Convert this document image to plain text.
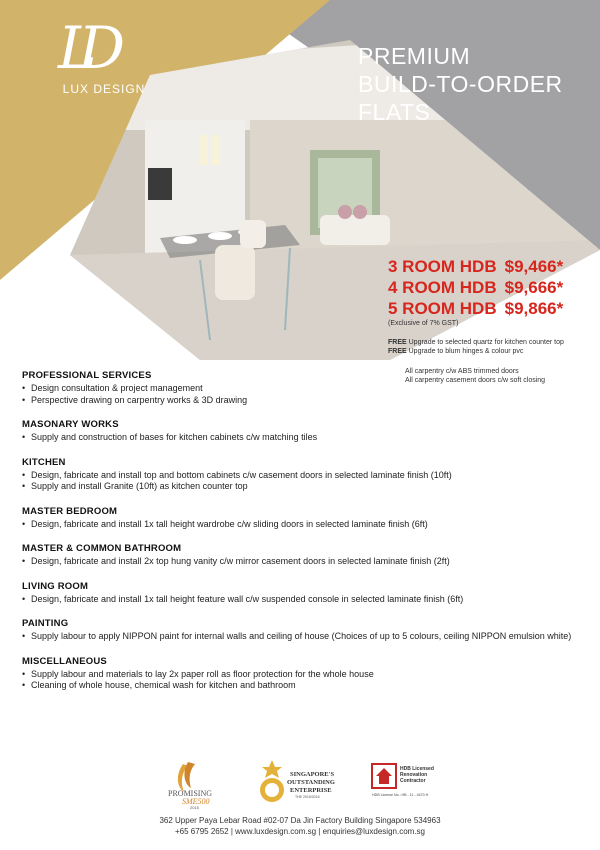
LD
LUX DESIGN
PREMIUM
BUILD-TO-ORDER
FLATS
3 ROOM HDB $9,466*
4 ROOM HDB $9,666*
5 ROOM HDB $9,866*
(Exclusive of 7% GST)
FREE Upgrade to selected quartz for kitchen counter top
FREE Upgrade to blum hinges & colour pvc
All carpentry c/w ABS trimmed doors
All carpentry casement doors c/w soft closing
PROFESSIONAL SERVICES
• Design consultation & project management
• Perspective drawing on carpentry works & 3D drawing
MASONARY WORKS
• Supply and construction of bases for kitchen cabinets c/w matching tiles
KITCHEN
• Design, fabricate and install top and bottom cabinets c/w casement doors in selected laminate finish (10ft)
• Supply and install Granite (10ft) as kitchen counter top
MASTER BEDROOM
• Design, fabricate and install 1x tall height wardrobe c/w sliding doors in selected laminate finish (6ft)
MASTER & COMMON BATHROOM
• Design, fabricate and install 2x top hung vanity c/w mirror casement doors in selected laminate finish (2ft)
LIVING ROOM
• Design, fabricate and install 1x tall height feature wall c/w suspended console in selected laminate finish (6ft)
PAINTING
• Supply labour to apply NIPPON paint for internal walls and ceiling of house (Choices of up to 5 colours, ceiling NIPPON emulsion white)
MISCELLANEOUS
• Supply labour and materials to lay 2x paper roll as floor protection for the whole house
• Cleaning of whole house, chemical wash for kitchen and bathroom
PROMISING
SME500
2015
SINGAPORE'S
OUTSTANDING
ENTERPRISE
THE 2015/2016
HDB Licensed
Renovation
Contractor
HDB License No.: HB - 11 - 4470 H
362 Upper Paya Lebar Road #02-07 Da Jin Factory Building Singapore 534963
+65 6795 2652 | www.luxdesign.com.sg | enquiries@luxdesign.com.sg
